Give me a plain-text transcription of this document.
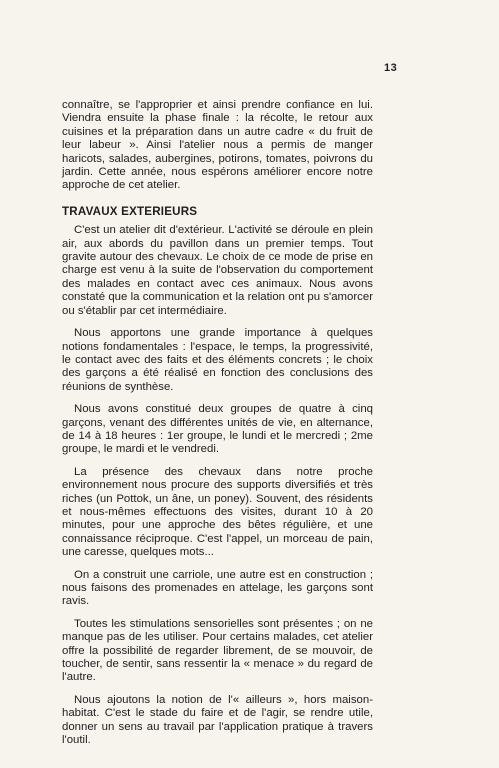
13

connaître, se l'approprier et ainsi prendre confiance en lui. Viendra ensuite la phase finale : la récolte, le retour aux cuisines et la préparation dans un autre cadre « du fruit de leur labeur ». Ainsi l'atelier nous a permis de manger haricots, salades, aubergines, potirons, tomates, poivrons du jardin. Cette année, nous espérons améliorer encore notre approche de cet atelier.

TRAVAUX EXTERIEURS

C'est un atelier dit d'extérieur. L'activité se déroule en plein air, aux abords du pavillon dans un premier temps. Tout gravite autour des chevaux. Le choix de ce mode de prise en charge est venu à la suite de l'observation du comportement des malades en contact avec ces animaux. Nous avons constaté que la communication et la relation ont pu s'amorcer ou s'établir par cet intermédiaire.

Nous apportons une grande importance à quelques notions fondamentales : l'espace, le temps, la progressivité, le contact avec des faits et des éléments concrets ; le choix des garçons a été réalisé en fonction des conclusions des réunions de synthèse.

Nous avons constitué deux groupes de quatre à cinq garçons, venant des différentes unités de vie, en alternance, de 14 à 18 heures : 1er groupe, le lundi et le mercredi ; 2me groupe, le mardi et le vendredi.

La présence des chevaux dans notre proche environnement nous procure des supports diversifiés et très riches (un Pottok, un âne, un poney). Souvent, des résidents et nous-mêmes effectuons des visites, durant 10 à 20 minutes, pour une approche des bêtes régulière, et une connaissance réciproque. C'est l'appel, un morceau de pain, une caresse, quelques mots...

On a construit une carriole, une autre est en construction ; nous faisons des promenades en attelage, les garçons sont ravis.

Toutes les stimulations sensorielles sont présentes ; on ne manque pas de les utiliser. Pour certains malades, cet atelier offre la possibilité de regarder librement, de se mouvoir, de toucher, de sentir, sans ressentir la « menace » du regard de l'autre.

Nous ajoutons la notion de l'« ailleurs », hors maison-habitat. C'est le stade du faire et de l'agir, se rendre utile, donner un sens au travail par l'application pratique à travers l'outil.
